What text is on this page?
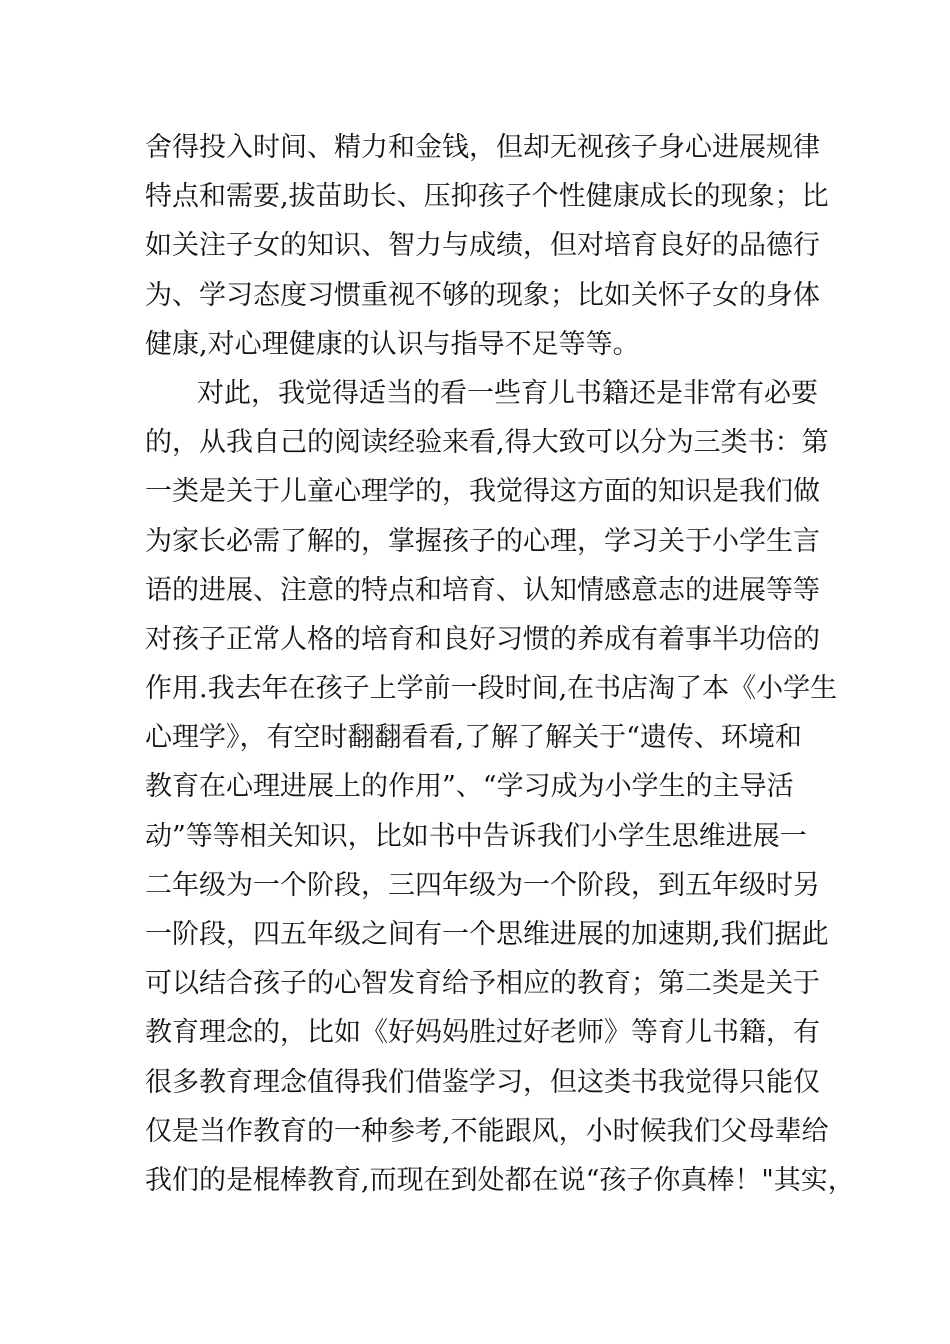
舍得投入时间、精力和金钱，但却无视孩子身心进展规律
特点和需要,拔苗助长、压抑孩子个性健康成长的现象；比
如关注子女的知识、智力与成绩，但对培育良好的品德行
为、学习态度习惯重视不够的现象；比如关怀子女的身体
健康,对心理健康的认识与指导不足等等。
对此，我觉得适当的看一些育儿书籍还是非常有必要
的，从我自己的阅读经验来看,得大致可以分为三类书：第
一类是关于儿童心理学的，我觉得这方面的知识是我们做
为家长必需了解的，掌握孩子的心理，学习关于小学生言
语的进展、注意的特点和培育、认知情感意志的进展等等
对孩子正常人格的培育和良好习惯的养成有着事半功倍的
作用.我去年在孩子上学前一段时间,在书店淘了本《小学生
心理学》，有空时翻翻看看,了解了解关于“遗传、环境和
教育在心理进展上的作用”、“学习成为小学生的主导活
动”等等相关知识，比如书中告诉我们小学生思维进展一
二年级为一个阶段，三四年级为一个阶段，到五年级时另
一阶段，四五年级之间有一个思维进展的加速期,我们据此
可以结合孩子的心智发育给予相应的教育；第二类是关于
教育理念的，比如《好妈妈胜过好老师》等育儿书籍，有
很多教育理念值得我们借鉴学习，但这类书我觉得只能仅
仅是当作教育的一种参考,不能跟风，小时候我们父母辈给
我们的是棍棒教育,而现在到处都在说“孩子你真棒！"其实，
